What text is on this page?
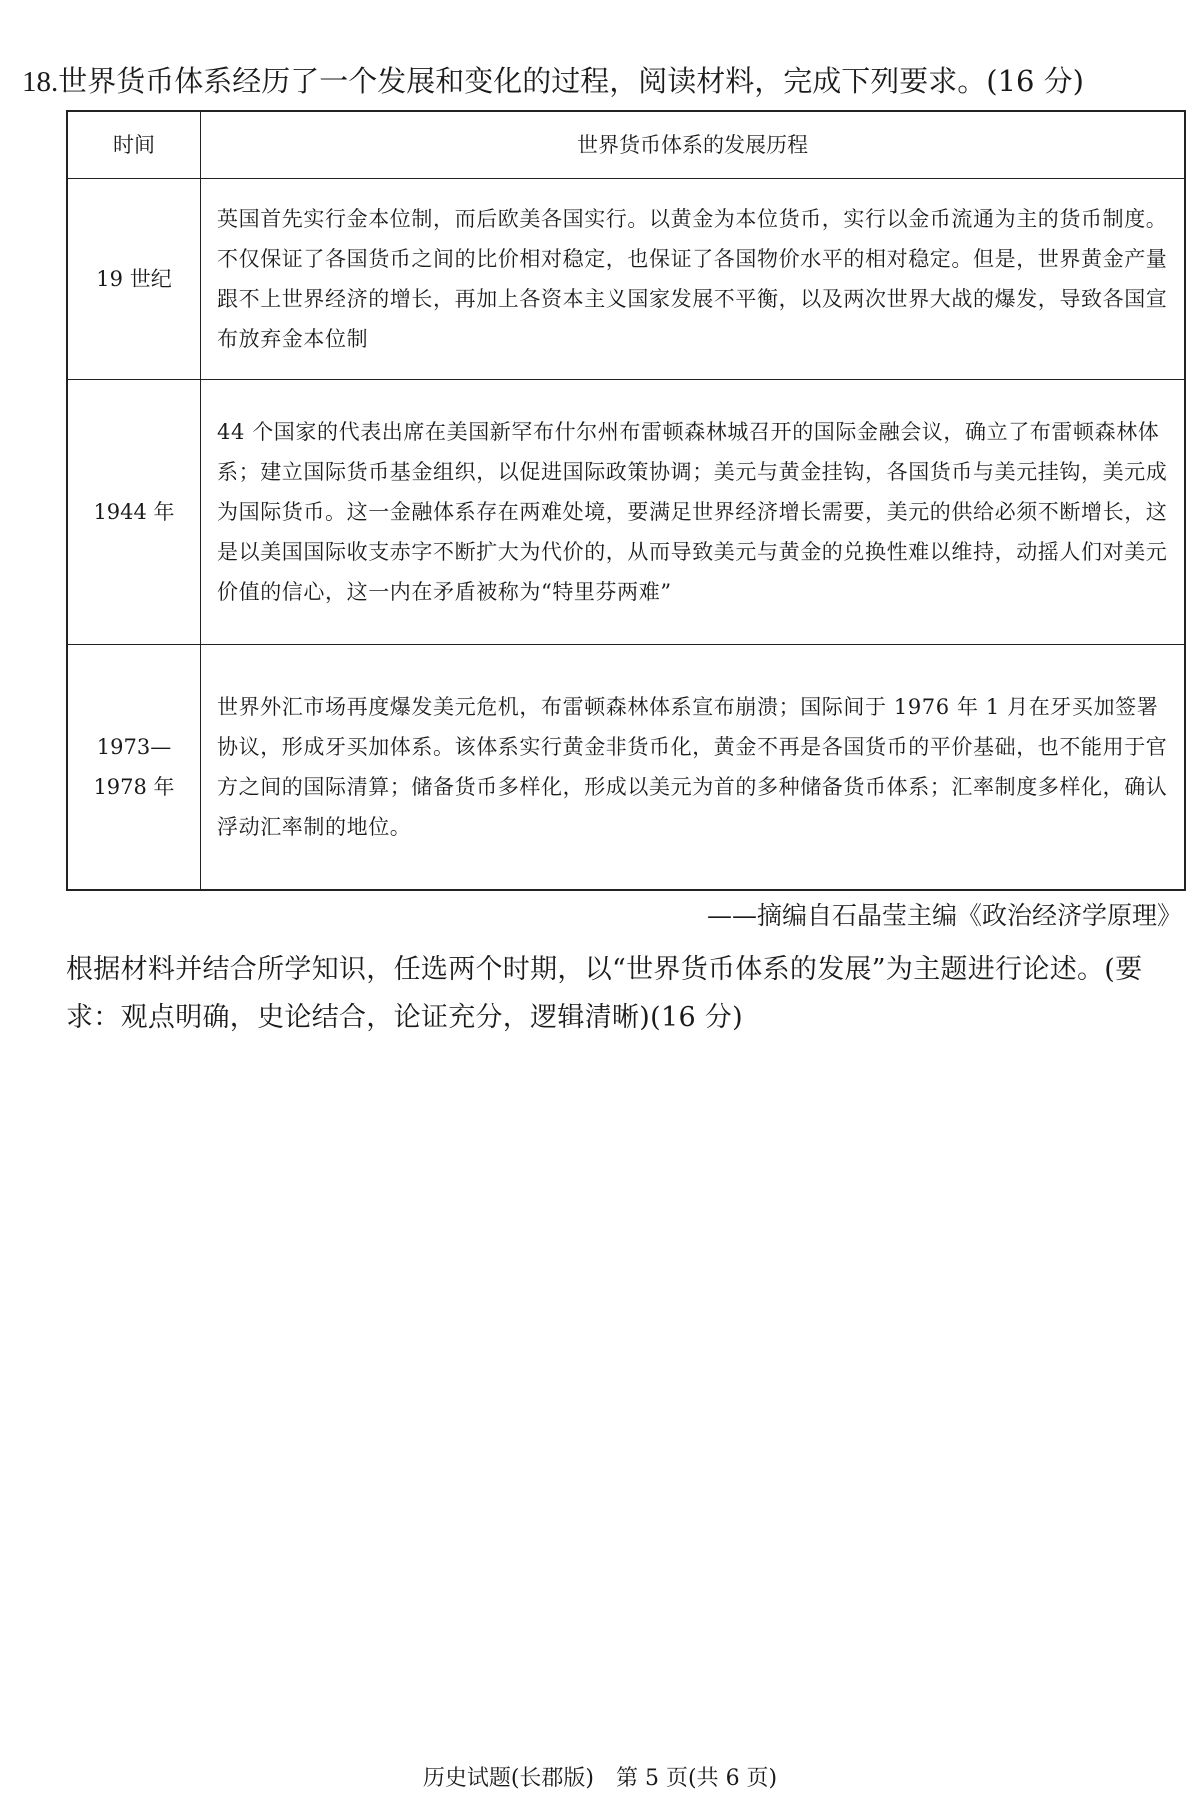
18.世界货币体系经历了一个发展和变化的过程，阅读材料，完成下列要求。(16 分)
时间	世界货币体系的发展历程
19 世纪	英国首先实行金本位制，而后欧美各国实行。以黄金为本位货币，实行以金币流通为主的货币制度。不仅保证了各国货币之间的比价相对稳定，也保证了各国物价水平的相对稳定。但是，世界黄金产量跟不上世界经济的增长，再加上各资本主义国家发展不平衡，以及两次世界大战的爆发，导致各国宣布放弃金本位制
1944 年	44 个国家的代表出席在美国新罕布什尔州布雷顿森林城召开的国际金融会议，确立了布雷顿森林体系；建立国际货币基金组织，以促进国际政策协调；美元与黄金挂钩，各国货币与美元挂钩，美元成为国际货币。这一金融体系存在两难处境，要满足世界经济增长需要，美元的供给必须不断增长，这是以美国国际收支赤字不断扩大为代价的，从而导致美元与黄金的兑换性难以维持，动摇人们对美元价值的信心，这一内在矛盾被称为“特里芬两难”

1973—
1978 年	世界外汇市场再度爆发美元危机，布雷顿森林体系宣布崩溃；国际间于 1976 年 1 月在牙买加签署协议，形成牙买加体系。该体系实行黄金非货币化，黄金不再是各国货币的平价基础，也不能用于官方之间的国际清算；储备货币多样化，形成以美元为首的多种储备货币体系；汇率制度多样化，确认浮动汇率制的地位。
——摘编自石晶莹主编《政治经济学原理》
根据材料并结合所学知识，任选两个时期，以“世界货币体系的发展”为主题进行论述。(要求：观点明确，史论结合，论证充分，逻辑清晰)(16 分)
历史试题(长郡版)　第 5 页(共 6 页)
